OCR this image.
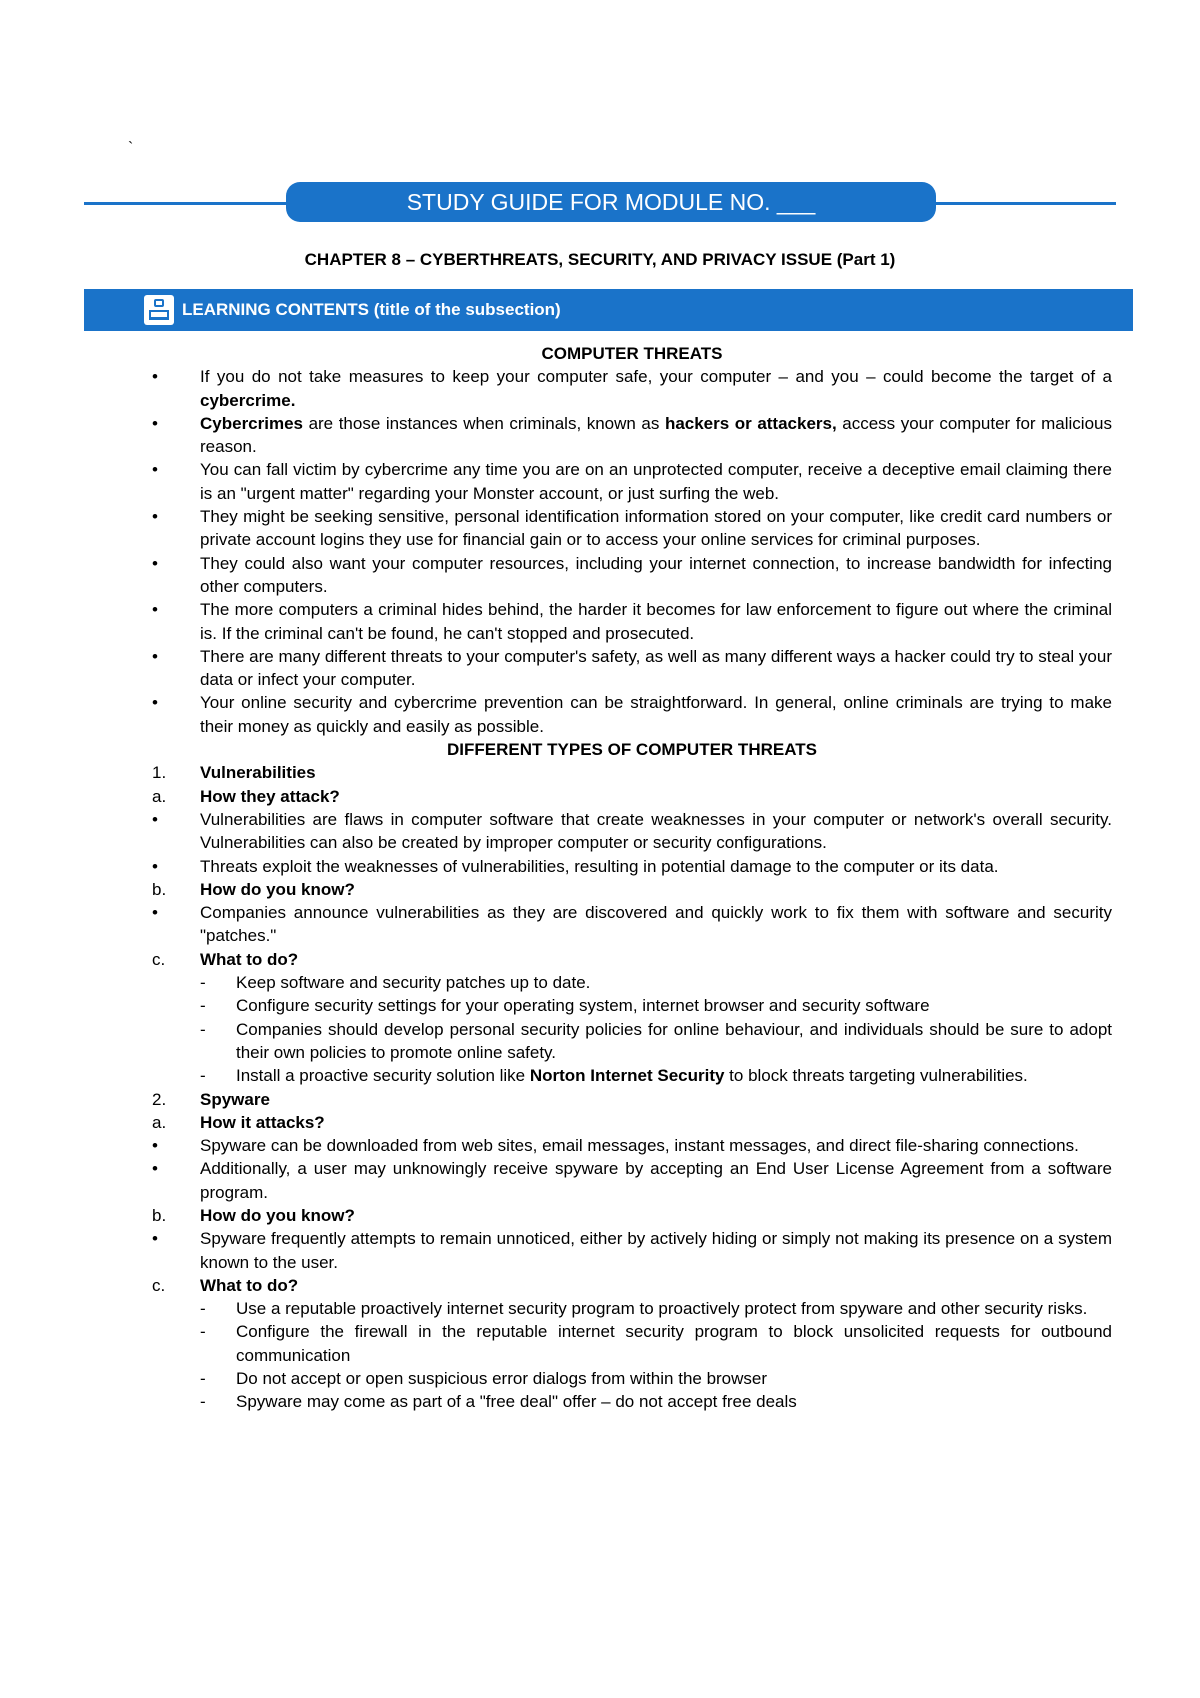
`
STUDY GUIDE FOR MODULE NO. ___
CHAPTER 8 – CYBERTHREATS, SECURITY, AND PRIVACY ISSUE (Part 1)
LEARNING CONTENTS (title of the subsection)
COMPUTER THREATS
• If you do not take measures to keep your computer safe, your computer – and you – could become the target of a cybercrime.
• Cybercrimes are those instances when criminals, known as hackers or attackers, access your computer for malicious reason.
• You can fall victim by cybercrime any time you are on an unprotected computer, receive a deceptive email claiming there is an "urgent matter" regarding your Monster account, or just surfing the web.
• They might be seeking sensitive, personal identification information stored on your computer, like credit card numbers or private account logins they use for financial gain or to access your online services for criminal purposes.
• They could also want your computer resources, including your internet connection, to increase bandwidth for infecting other computers.
• The more computers a criminal hides behind, the harder it becomes for law enforcement to figure out where the criminal is. If the criminal can't be found, he can't stopped and prosecuted.
• There are many different threats to your computer's safety, as well as many different ways a hacker could try to steal your data or infect your computer.
• Your online security and cybercrime prevention can be straightforward. In general, online criminals are trying to make their money as quickly and easily as possible.
DIFFERENT TYPES OF COMPUTER THREATS
1. Vulnerabilities
a. How they attack?
• Vulnerabilities are flaws in computer software that create weaknesses in your computer or network's overall security. Vulnerabilities can also be created by improper computer or security configurations.
• Threats exploit the weaknesses of vulnerabilities, resulting in potential damage to the computer or its data.
b. How do you know?
• Companies announce vulnerabilities as they are discovered and quickly work to fix them with software and security "patches."
c. What to do?
- Keep software and security patches up to date.
- Configure security settings for your operating system, internet browser and security software
- Companies should develop personal security policies for online behaviour, and individuals should be sure to adopt their own policies to promote online safety.
- Install a proactive security solution like Norton Internet Security to block threats targeting vulnerabilities.
2. Spyware
a. How it attacks?
• Spyware can be downloaded from web sites, email messages, instant messages, and direct file-sharing connections.
• Additionally, a user may unknowingly receive spyware by accepting an End User License Agreement from a software program.
b. How do you know?
• Spyware frequently attempts to remain unnoticed, either by actively hiding or simply not making its presence on a system known to the user.
c. What to do?
- Use a reputable proactively internet security program to proactively protect from spyware and other security risks.
- Configure the firewall in the reputable internet security program to block unsolicited requests for outbound communication
- Do not accept or open suspicious error dialogs from within the browser
- Spyware may come as part of a "free deal" offer – do not accept free deals
